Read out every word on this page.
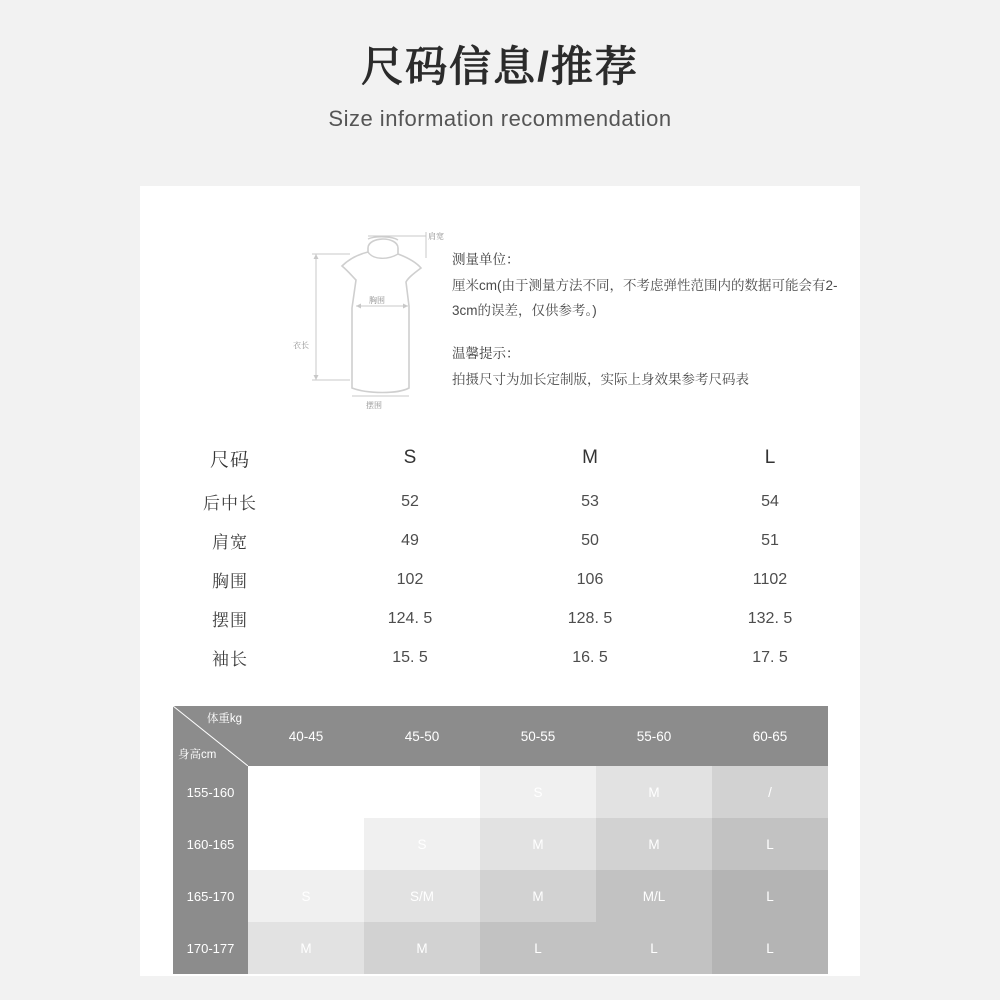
尺码信息/推荐
Size information recommendation
肩宽
胸围
衣长
摆围
测量单位：
厘米cm(由于测量方法不同，不考虑弹性范围内的数据可能会有2-3cm的误差，仅供参考。)
温馨提示：
拍摄尺寸为加长定制版，实际上身效果参考尺码表
尺码	S	M	L
后中长	52	53	54
肩宽	49	50	51
胸围	102	106	1102
摆围	124. 5	128. 5	132. 5
袖长	15. 5	16. 5	17. 5
体重kg
身高cm	40-45	45-50	50-55	55-60	60-65
155-160	S	S	S	M	/
160-165	S	S	M	M	L
165-170	S	S/M	M	M/L	L
170-177	M	M	L	L	L
